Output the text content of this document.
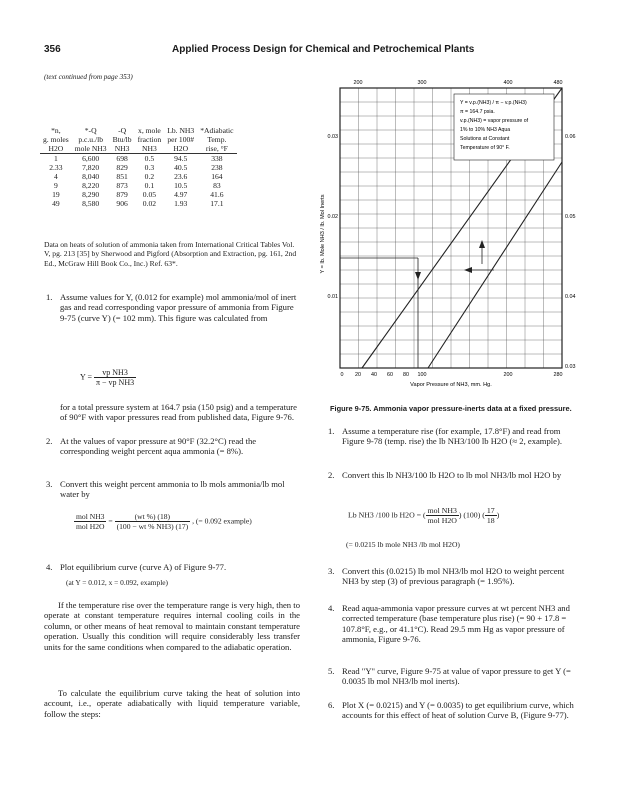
356	Applied Process Design for Chemical and Petrochemical Plants
(text continued from page 353)
*n,	*-Q	-Q	x, mole	Lb. NH3	*Adiabatic
g. moles	p.c.u./lb	Btu/lb	fraction	per 100#	Temp.
H2O	mole NH3	NH3	NH3	H2O	rise, °F
1	6,600	698	0.5	94.5	338
2.33	7,820	829	0.3	40.5	238
4	8,040	851	0.2	23.6	164
9	8,220	873	0.1	10.5	83
19	8,290	879	0.05	4.97	41.6
49	8,580	906	0.02	1.93	17.1
Data on heats of solution of ammonia taken from International Critical Tables Vol. V, pg. 213 [35] by Sherwood and Pigford (Absorption and Extraction, pg. 161, 2nd Ed., McGraw Hill Book Co., Inc.) Ref. 63*.
1. Assume values for Y, (0.012 for example) mol ammonia/mol of inert gas and read corresponding vapor pressure of ammonia from Figure 9-75 (curve Y) (= 102 mm). This figure was calculated from
$Y = \frac{\text{vp NH3}}{\text{π − vp NH3}}$
for a total pressure system at 164.7 psia (150 psig) and a temperature of 90°F with vapor pressures read from published data, Figure 9-76.
2. At the values of vapor pressure at 90°F (32.2°C) read the corresponding weight percent aqua ammonia (= 8%).
3. Convert this weight percent ammonia to lb mols ammonia/lb mol water by
$\frac{\text{mol NH3}}{\text{mol H2O}} = \frac{(wt \%) (18)}{(100 - wt \% NH3) (17)}$ , (= 0.092 example)
4. Plot equilibrium curve (curve A) of Figure 9-77.
(at Y = 0.012, x = 0.092, example)
If the temperature rise over the temperature range is very high, then to operate at constant temperature requires internal cooling coils in the column, or other means of heat removal to maintain constant temperature operation. Usually this condition will require considerably less transfer units for the same conditions when compared to the adiabatic operation.
To calculate the equilibrium curve taking the heat of solution into account, i.e., operate adiabatically with liquid temperature variable, follow the steps:
200	300	400	480
0 20 40 60 80 100	200	280
0.03
0.02
0.01
0.06
0.05
0.04
0.03
Y = v.p.(NH3) / π − v.p.(NH3)
π = 164.7 psia.
v.p.(NH3) = vapor pressure of
1% to 10% NH3 Aqua
Solutions at Constant
Temperature of 90° F.
Y = lb. Mole NH3 / lb. Mol Inerts
Vapor Pressure of NH3, mm. Hg.
Figure 9-75. Ammonia vapor pressure-inerts data at a fixed pressure.
1. Assume a temperature rise (for example, 17.8°F) and read from Figure 9-78 (temp. rise) the lb NH3/100 lb H2O (≈ 2, example).
2. Convert this lb NH3/100 lb H2O to lb mol NH3/lb mol H2O by
Lb NH3 /100 lb H2O = ( $\frac{\text{mol NH3}}{\text{mol H2O}}$ ) (100) ( $\frac{17}{18}$ )
(= 0.0215 lb mole NH3 /lb mol H2O)
3. Convert this (0.0215) lb mol NH3/lb mol H2O to weight percent NH3 by step (3) of previous paragraph (= 1.95%).
4. Read aqua-ammonia vapor pressure curves at wt percent NH3 and corrected temperature (base temperature plus rise) (= 90 + 17.8 = 107.8°F, e.g., or 41.1°C). Read 29.5 mm Hg as vapor pressure of ammonia, Figure 9-76.
5. Read "Y" curve, Figure 9-75 at value of vapor pressure to get Y (= 0.0035 lb mol NH3/lb mol inerts).
6. Plot X (= 0.0215) and Y (= 0.0035) to get equilibrium curve, which accounts for this effect of heat of solution Curve B, (Figure 9-77).
